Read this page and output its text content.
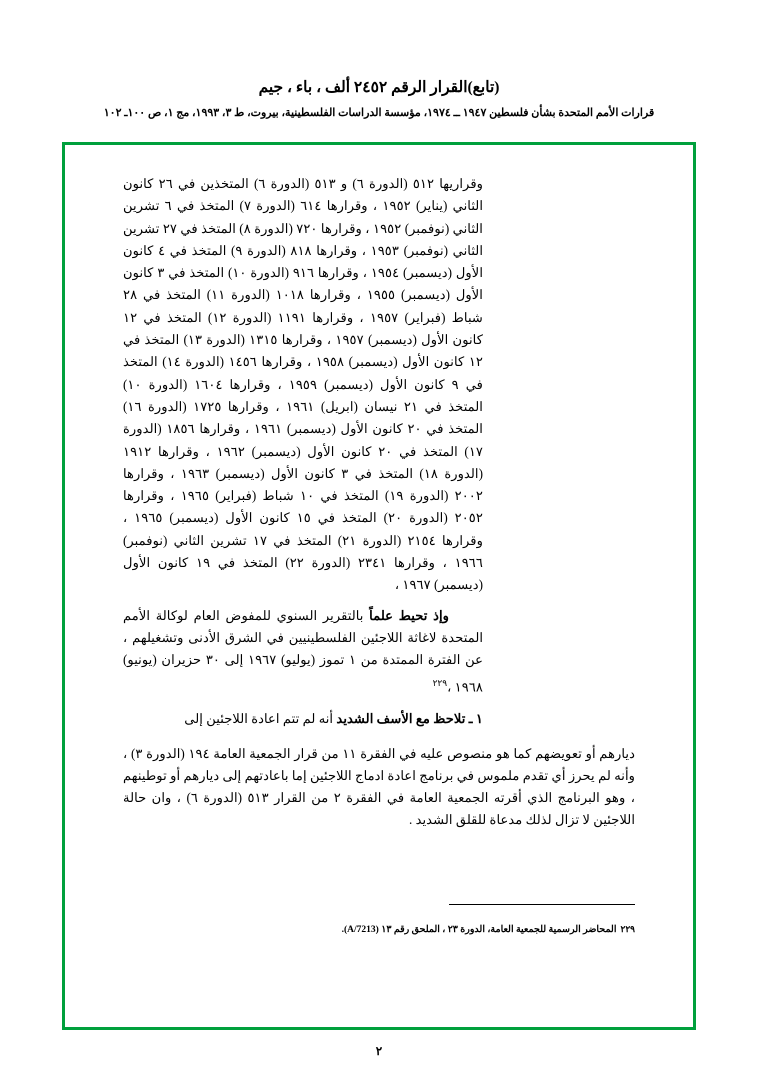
(تابع)القرار الرقم ٢٤٥٢ ألف ، باء ، جيم
قرارات الأمم المتحدة بشأن فلسطين ١٩٤٧ ــ ١٩٧٤، مؤسسة الدراسات الفلسطينية، بيروت، ط ٣، ١٩٩٣، مج ١، ص ١٠٠ـ ١٠٢

وقراريها ٥١٢ (الدورة ٦) و ٥١٣ (الدورة ٦) المتخذين في ٢٦ كانون الثاني (يناير) ١٩٥٢ ، وقرارها ٦١٤ (الدورة ٧) المتخذ في ٦ تشرين الثاني (نوفمبر) ١٩٥٢ ، وقرارها ٧٢٠ (الدورة ٨) المتخذ في ٢٧ تشرين الثاني (نوفمبر) ١٩٥٣ ، وقرارها ٨١٨ (الدورة ٩) المتخذ في ٤ كانون الأول (ديسمبر) ١٩٥٤ ، وقرارها ٩١٦ (الدورة ١٠) المتخذ في ٣ كانون الأول (ديسمبر) ١٩٥٥ ، وقرارها ١٠١٨ (الدورة ١١) المتخذ في ٢٨ شباط (فبراير) ١٩٥٧ ، وقرارها ١١٩١ (الدورة ١٢) المتخذ في ١٢ كانون الأول (ديسمبر) ١٩٥٧ ، وقرارها ١٣١٥ (الدورة ١٣) المتخذ في ١٢ كانون الأول (ديسمبر) ١٩٥٨ ، وقرارها ١٤٥٦ (الدورة ١٤) المتخذ في ٩ كانون الأول (ديسمبر) ١٩٥٩ ، وقرارها ١٦٠٤ (الدورة ١٠) المتخذ في ٢١ نيسان (ابريل) ١٩٦١ ، وقرارها ١٧٢٥ (الدورة ١٦) المتخذ في ٢٠ كانون الأول (ديسمبر) ١٩٦١ ، وقرارها ١٨٥٦ (الدورة ١٧) المتخذ في ٢٠ كانون الأول (ديسمبر) ١٩٦٢ ، وقرارها ١٩١٢ (الدورة ١٨) المتخذ في ٣ كانون الأول (ديسمبر) ١٩٦٣ ، وقرارها ٢٠٠٢ (الدورة ١٩) المتخذ في ١٠ شباط (فبراير) ١٩٦٥ ، وقرارها ٢٠٥٢ (الدورة ٢٠) المتخذ في ١٥ كانون الأول (ديسمبر) ١٩٦٥ ، وقرارها ٢١٥٤ (الدورة ٢١) المتخذ في ١٧ تشرين الثاني (نوفمبر) ١٩٦٦ ، وقرارها ٢٣٤١ (الدورة ٢٢) المتخذ في ١٩ كانون الأول (ديسمبر) ١٩٦٧ ،

وإذ تحيط علماً بالتقرير السنوي للمفوض العام لوكالة الأمم المتحدة لاغاثة اللاجئين الفلسطينيين في الشرق الأدنى وتشغيلهم ، عن الفترة الممتدة من ١ تموز (يوليو) ١٩٦٧ إلى ٣٠ حزيران (يونيو) ١٩٦٨ ،$^{٢٢٩}$

١ ـ تلاحظ مع الأسف الشديد أنه لم تتم اعادة اللاجئين إلى

ديارهم أو تعويضهم كما هو منصوص عليه في الفقرة ١١ من قرار الجمعية العامة ١٩٤ (الدورة ٣) ، وأنه لم يحرز أي تقدم ملموس في برنامج اعادة ادماج اللاجئين إما باعادتهم إلى ديارهم أو توطينهم ، وهو البرنامج الذي أقرته الجمعية العامة في الفقرة ٢ من القرار ٥١٣ (الدورة ٦) ، وان حالة اللاجئين لا تزال لذلك مدعاة للقلق الشديد .

٢٢٩المحاضر الرسمية للجمعية العامة، الدورة ٢٣ ، الملحق رقم ١٣ (A/7213).
٢
